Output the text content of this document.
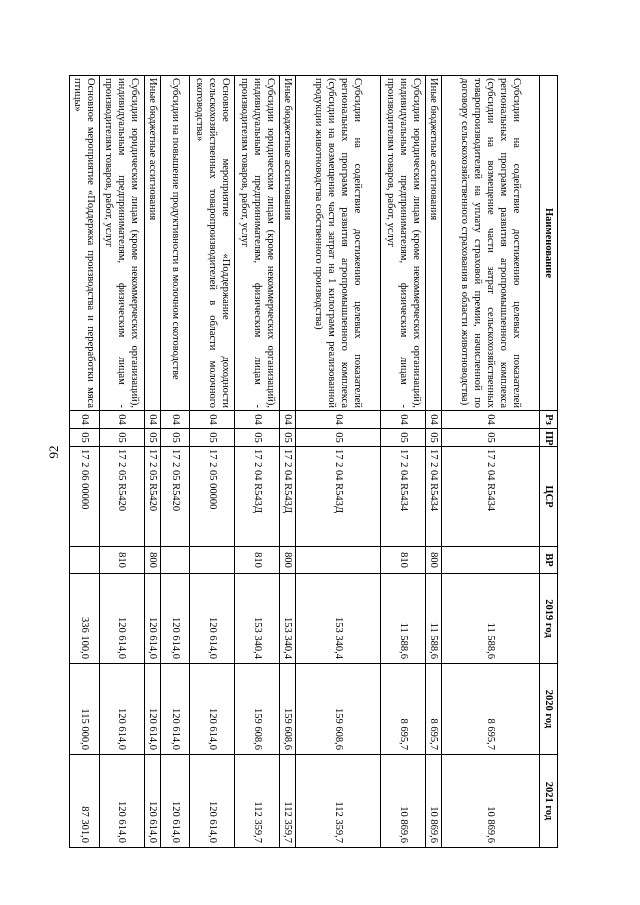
92
Наименование	Рз	ПР	ЦСР	ВР	2019 год	2020 год	2021 год
Субсидии на содействие достижению целевых показателей региональных программ развития агропромышленного комплекса (субсидии на возмещение части затрат сельскохозяйственных товаропроизводителей на уплату страховой премии, начисленной по договору сельскохозяйственного страхования в области животноводства)	04	05	17 2 04 R5434		11 588,6	8 695,7	10 869,6
Иные бюджетные ассигнования	04	05	17 2 04 R5434	800	11 588,6	8 695,7	10 869,6
Субсидии юридическим лицам (кроме некоммерческих организаций), индивидуальным предпринимателям, физическим лицам - производителям товаров, работ, услуг	04	05	17 2 04 R5434	810	11 588,6	8 695,7	10 869,6
Субсидии на содействие достижению целевых показателей региональных программ развития агропромышленного комплекса (субсидии на возмещение части затрат на 1 килограмм реализованной продукции животноводства собственного производства)	04	05	17 2 04 R543Д		153 340,4	159 608,6	112 359,7
Иные бюджетные ассигнования	04	05	17 2 04 R543Д	800	153 340,4	159 608,6	112 359,7
Субсидии юридическим лицам (кроме некоммерческих организаций), индивидуальным предпринимателям, физическим лицам - производителям товаров, работ, услуг	04	05	17 2 04 R543Д	810	153 340,4	159 608,6	112 359,7
Основное мероприятие «Поддержание доходности сельскохозяйственных товаропроизводителей в области молочного скотоводства»	04	05	17 2 05 00000		120 614,0	120 614,0	120 614,0
Субсидии на повышение продуктивности в молочном скотоводстве	04	05	17 2 05 R5420		120 614,0	120 614,0	120 614,0
Иные бюджетные ассигнования	04	05	17 2 05 R5420	800	120 614,0	120 614,0	120 614,0
Субсидии юридическим лицам (кроме некоммерческих организаций), индивидуальным предпринимателям, физическим лицам - производителям товаров, работ, услуг	04	05	17 2 05 R5420	810	120 614,0	120 614,0	120 614,0
Основное мероприятие «Поддержка производства и переработки мяса птицы»	04	05	17 2 06 00000		336 100,0	115 000,0	87 301,0
